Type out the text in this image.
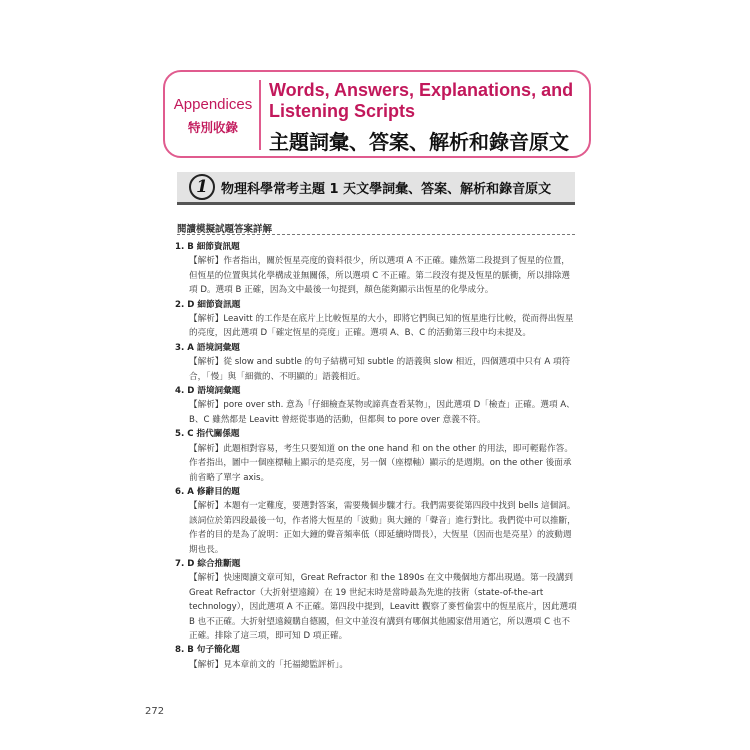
Appendices
特別收錄
Words, Answers, Explanations, and Listening Scripts
主題詞彙、答案、解析和錄音原文
1	物理科學常考主題 1 天文學詞彙、答案、解析和錄音原文
閱讀模擬試題答案詳解
1. B 細節資訊題
【解析】作者指出，關於恆星亮度的資料很少，所以選項 A 不正確。雖然第二段提到了恆星的位置，但恆星的位置與其化學構成並無關係，所以選項 C 不正確。第二段沒有提及恆星的脈衝，所以排除選項 D。選項 B 正確，因為文中最後一句提到，顏色能夠顯示出恆星的化學成分。
2. D 細節資訊題
【解析】Leavitt 的工作是在底片上比較恆星的大小，即將它們與已知的恆星進行比較，從而得出恆星的亮度，因此選項 D「確定恆星的亮度」正確。選項 A、B、C 的活動第三段中均未提及。
3. A 語境詞彙題
【解析】從 slow and subtle 的句子結構可知 subtle 的語義與 slow 相近，四個選項中只有 A 項符合，「慢」與「細微的、不明顯的」語義相近。
4. D 語境詞彙題
【解析】pore over sth. 意為「仔細檢查某物或諦真查看某物」，因此選項 D「檢查」正確。選項 A、B、C 雖然都是 Leavitt 曾經從事過的活動，但都與 to pore over 意義不符。
5. C 指代關係題
【解析】此題相對容易，考生只要知道 on the one hand 和 on the other 的用法，即可輕鬆作答。作者指出，圖中一個座標軸上顯示的是亮度，另一個（座標軸）顯示的是週期。on the other 後面承前省略了單字 axis。
6. A 修辭目的題
【解析】本題有一定難度，要選對答案，需要幾個步驟才行。我們需要從第四段中找到 bells 這個詞。該詞位於第四段最後一句，作者將大恆星的「波動」與大鐘的「聲音」進行對比。我們從中可以推斷，作者的目的是為了說明：正如大鐘的聲音頻率低（即延續時間長），大恆星（因而也是亮星）的波動週期也長。
7. D 綜合推斷題
【解析】快速閱讀文章可知，Great Refractor 和 the 1890s 在文中幾個地方都出現過。第一段講到 Great Refractor（大折射望遠鏡）在 19 世紀末時是當時最為先進的技術（state-of-the-art technology），因此選項 A 不正確。第四段中提到，Leavitt 觀察了麥哲倫雲中的恆星底片，因此選項 B 也不正確。大折射望遠鏡購自德國，但文中並沒有講到有哪個其他國家借用過它，所以選項 C 也不正確。排除了這三項，即可知 D 項正確。
8. B 句子簡化題
【解析】見本章前文的「托福總監評析」。
272
